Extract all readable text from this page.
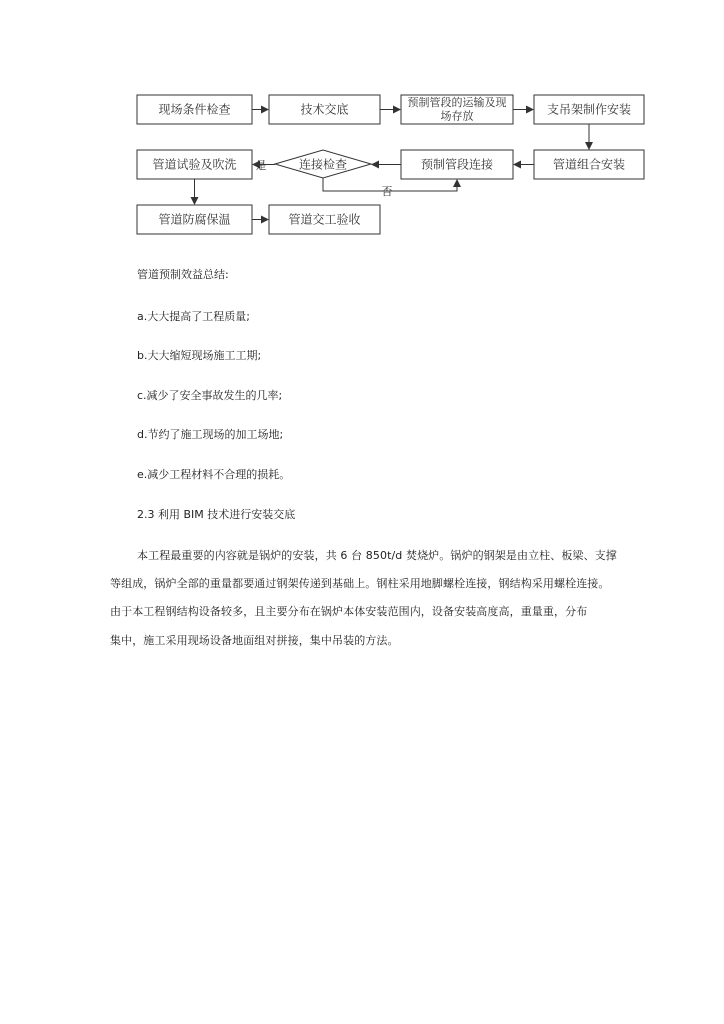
现场条件检查	技术交底	预制管段的运输及现
场存放	支吊架制作安装
管道组合安装
预制管段连接
连接检查
管道试验及吹洗
管道防腐保温	管道交工验收
是
否
管道预制效益总结:
a.大大提高了工程质量;
b.大大缩短现场施工工期;
c.减少了安全事故发生的几率;
d.节约了施工现场的加工场地;
e.减少工程材料不合理的损耗。
2.3 利用 BIM 技术进行安装交底
本工程最重要的内容就是锅炉的安装，共 6 台 850t/d 焚烧炉。锅炉的钢架是由立柱、板梁、支撑
等组成，锅炉全部的重量都要通过钢架传递到基础上。钢柱采用地脚螺栓连接，钢结构采用螺栓连接。
由于本工程钢结构设备较多，且主要分布在锅炉本体安装范围内，设备安装高度高，重量重，分布
集中，施工采用现场设备地面组对拼接，集中吊装的方法。
